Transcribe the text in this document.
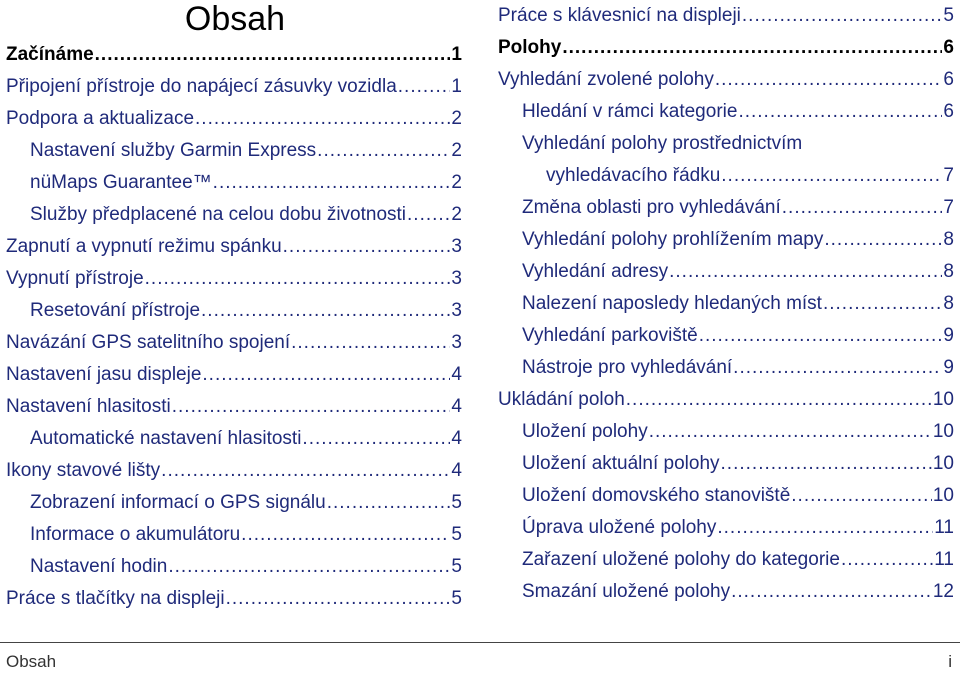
Obsah
Začínáme .....	1
Připojení přístroje do napájecí zásuvky vozidla .....	1
Podpora a aktualizace .....	2
Nastavení služby Garmin Express .....	2
nüMaps Guarantee™ .....	2
Služby předplacené na celou dobu životnosti ..... 2
Zapnutí a vypnutí režimu spánku .....	3
Vypnutí přístroje .....	3
Resetování přístroje .....	3
Navázání GPS satelitního spojení .....	3
Nastavení jasu displeje .....	4
Nastavení hlasitosti .....	4
Automatické nastavení hlasitosti .....	4
Ikony stavové lišty .....	4
Zobrazení informací o GPS signálu .....	5
Informace o akumulátoru .....	5
Nastavení hodin .....	5
Práce s tlačítky na displeji .....	5
Práce s klávesnicí na displeji .....	5
Polohy .....	6
Vyhledání zvolené polohy .....	6
Hledání v rámci kategorie .....	6
Vyhledání polohy prostřednictvím
vyhledávacího řádku .....	7
Změna oblasti pro vyhledávání .....	7
Vyhledání polohy prohlížením mapy .....	8
Vyhledání adresy .....	8
Nalezení naposledy hledaných míst .....	8
Vyhledání parkoviště .....	9
Nástroje pro vyhledávání .....	9
Ukládání poloh .....	10
Uložení polohy .....	10
Uložení aktuální polohy .....	10
Uložení domovského stanoviště .....	10
Úprava uložené polohy .....	11
Zařazení uložené polohy do kategorie .....	11
Smazání uložené polohy .....	12
Obsah	i
